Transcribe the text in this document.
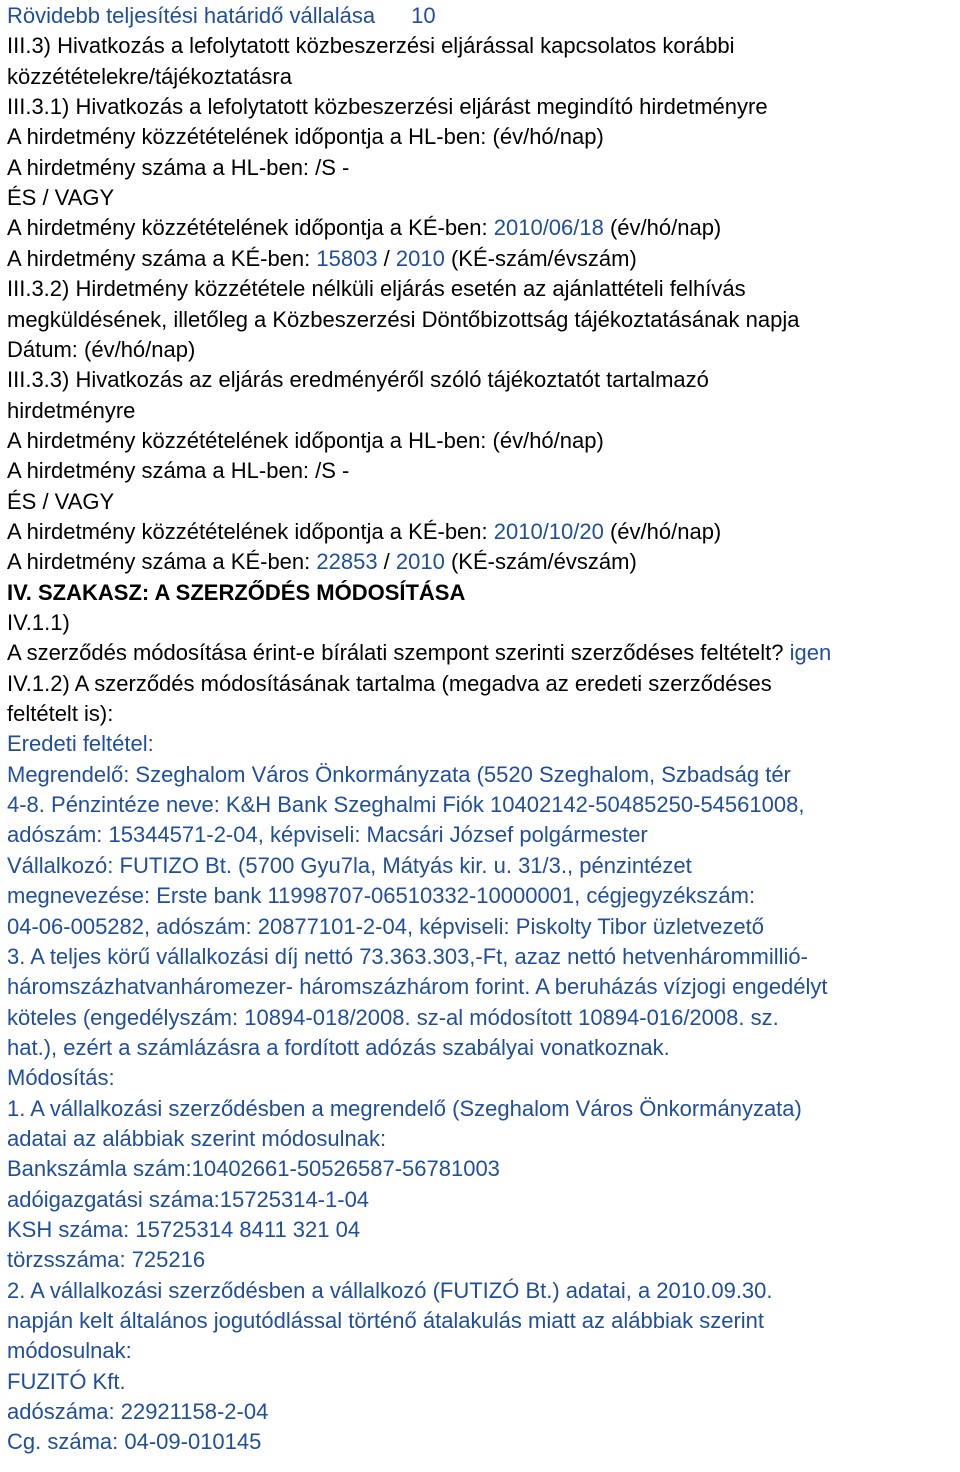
Rövidebb teljesítési határidő vállalása 10
III.3) Hivatkozás a lefolytatott közbeszerzési eljárással kapcsolatos korábbi
közzétételekre/tájékoztatásra
III.3.1) Hivatkozás a lefolytatott közbeszerzési eljárást megindító hirdetményre
A hirdetmény közzétételének időpontja a HL-ben: (év/hó/nap)
A hirdetmény száma a HL-ben: /S -
ÉS / VAGY
A hirdetmény közzétételének időpontja a KÉ-ben: 2010/06/18 (év/hó/nap)
A hirdetmény száma a KÉ-ben: 15803 / 2010 (KÉ-szám/évszám)
III.3.2) Hirdetmény közzététele nélküli eljárás esetén az ajánlattételi felhívás
megküldésének, illetőleg a Közbeszerzési Döntőbizottság tájékoztatásának napja
Dátum: (év/hó/nap)
III.3.3) Hivatkozás az eljárás eredményéről szóló tájékoztatót tartalmazó
hirdetményre
A hirdetmény közzétételének időpontja a HL-ben: (év/hó/nap)
A hirdetmény száma a HL-ben: /S -
ÉS / VAGY
A hirdetmény közzétételének időpontja a KÉ-ben: 2010/10/20 (év/hó/nap)
A hirdetmény száma a KÉ-ben: 22853 / 2010 (KÉ-szám/évszám)
IV. SZAKASZ: A SZERZŐDÉS MÓDOSÍTÁSA
IV.1.1)
A szerződés módosítása érint-e bírálati szempont szerinti szerződéses feltételt? igen
IV.1.2) A szerződés módosításának tartalma (megadva az eredeti szerződéses
feltételt is):
Eredeti feltétel:
Megrendelő: Szeghalom Város Önkormányzata (5520 Szeghalom, Szbadság tér
4-8. Pénzintéze neve: K&H Bank Szeghalmi Fiók 10402142-50485250-54561008,
adószám: 15344571-2-04, képviseli: Macsári József polgármester
Vállalkozó: FUTIZO Bt. (5700 Gyu7la, Mátyás kir. u. 31/3., pénzintézet
megnevezése: Erste bank 11998707-06510332-10000001, cégjegyzékszám:
04-06-005282, adószám: 20877101-2-04, képviseli: Piskolty Tibor üzletvezető
3. A teljes körű vállalkozási díj nettó 73.363.303,-Ft, azaz nettó hetvenhárommillió-
háromszázhatvanháromezer- háromszázhárom forint. A beruházás vízjogi engedélyt
köteles (engedélyszám: 10894-018/2008. sz-al módosított 10894-016/2008. sz.
hat.), ezért a számlázásra a fordított adózás szabályai vonatkoznak.
Módosítás:
1. A vállalkozási szerződésben a megrendelő (Szeghalom Város Önkormányzata)
adatai az alábbiak szerint módosulnak:
Bankszámla szám:10402661-50526587-56781003
adóigazgatási száma:15725314-1-04
KSH száma: 15725314 8411 321 04
törzsszáma: 725216
2. A vállalkozási szerződésben a vállalkozó (FUTIZÓ Bt.) adatai, a 2010.09.30.
napján kelt általános jogutódlással történő átalakulás miatt az alábbiak szerint
módosulnak:
FUZITÓ Kft.
adószáma: 22921158-2-04
Cg. száma: 04-09-010145
